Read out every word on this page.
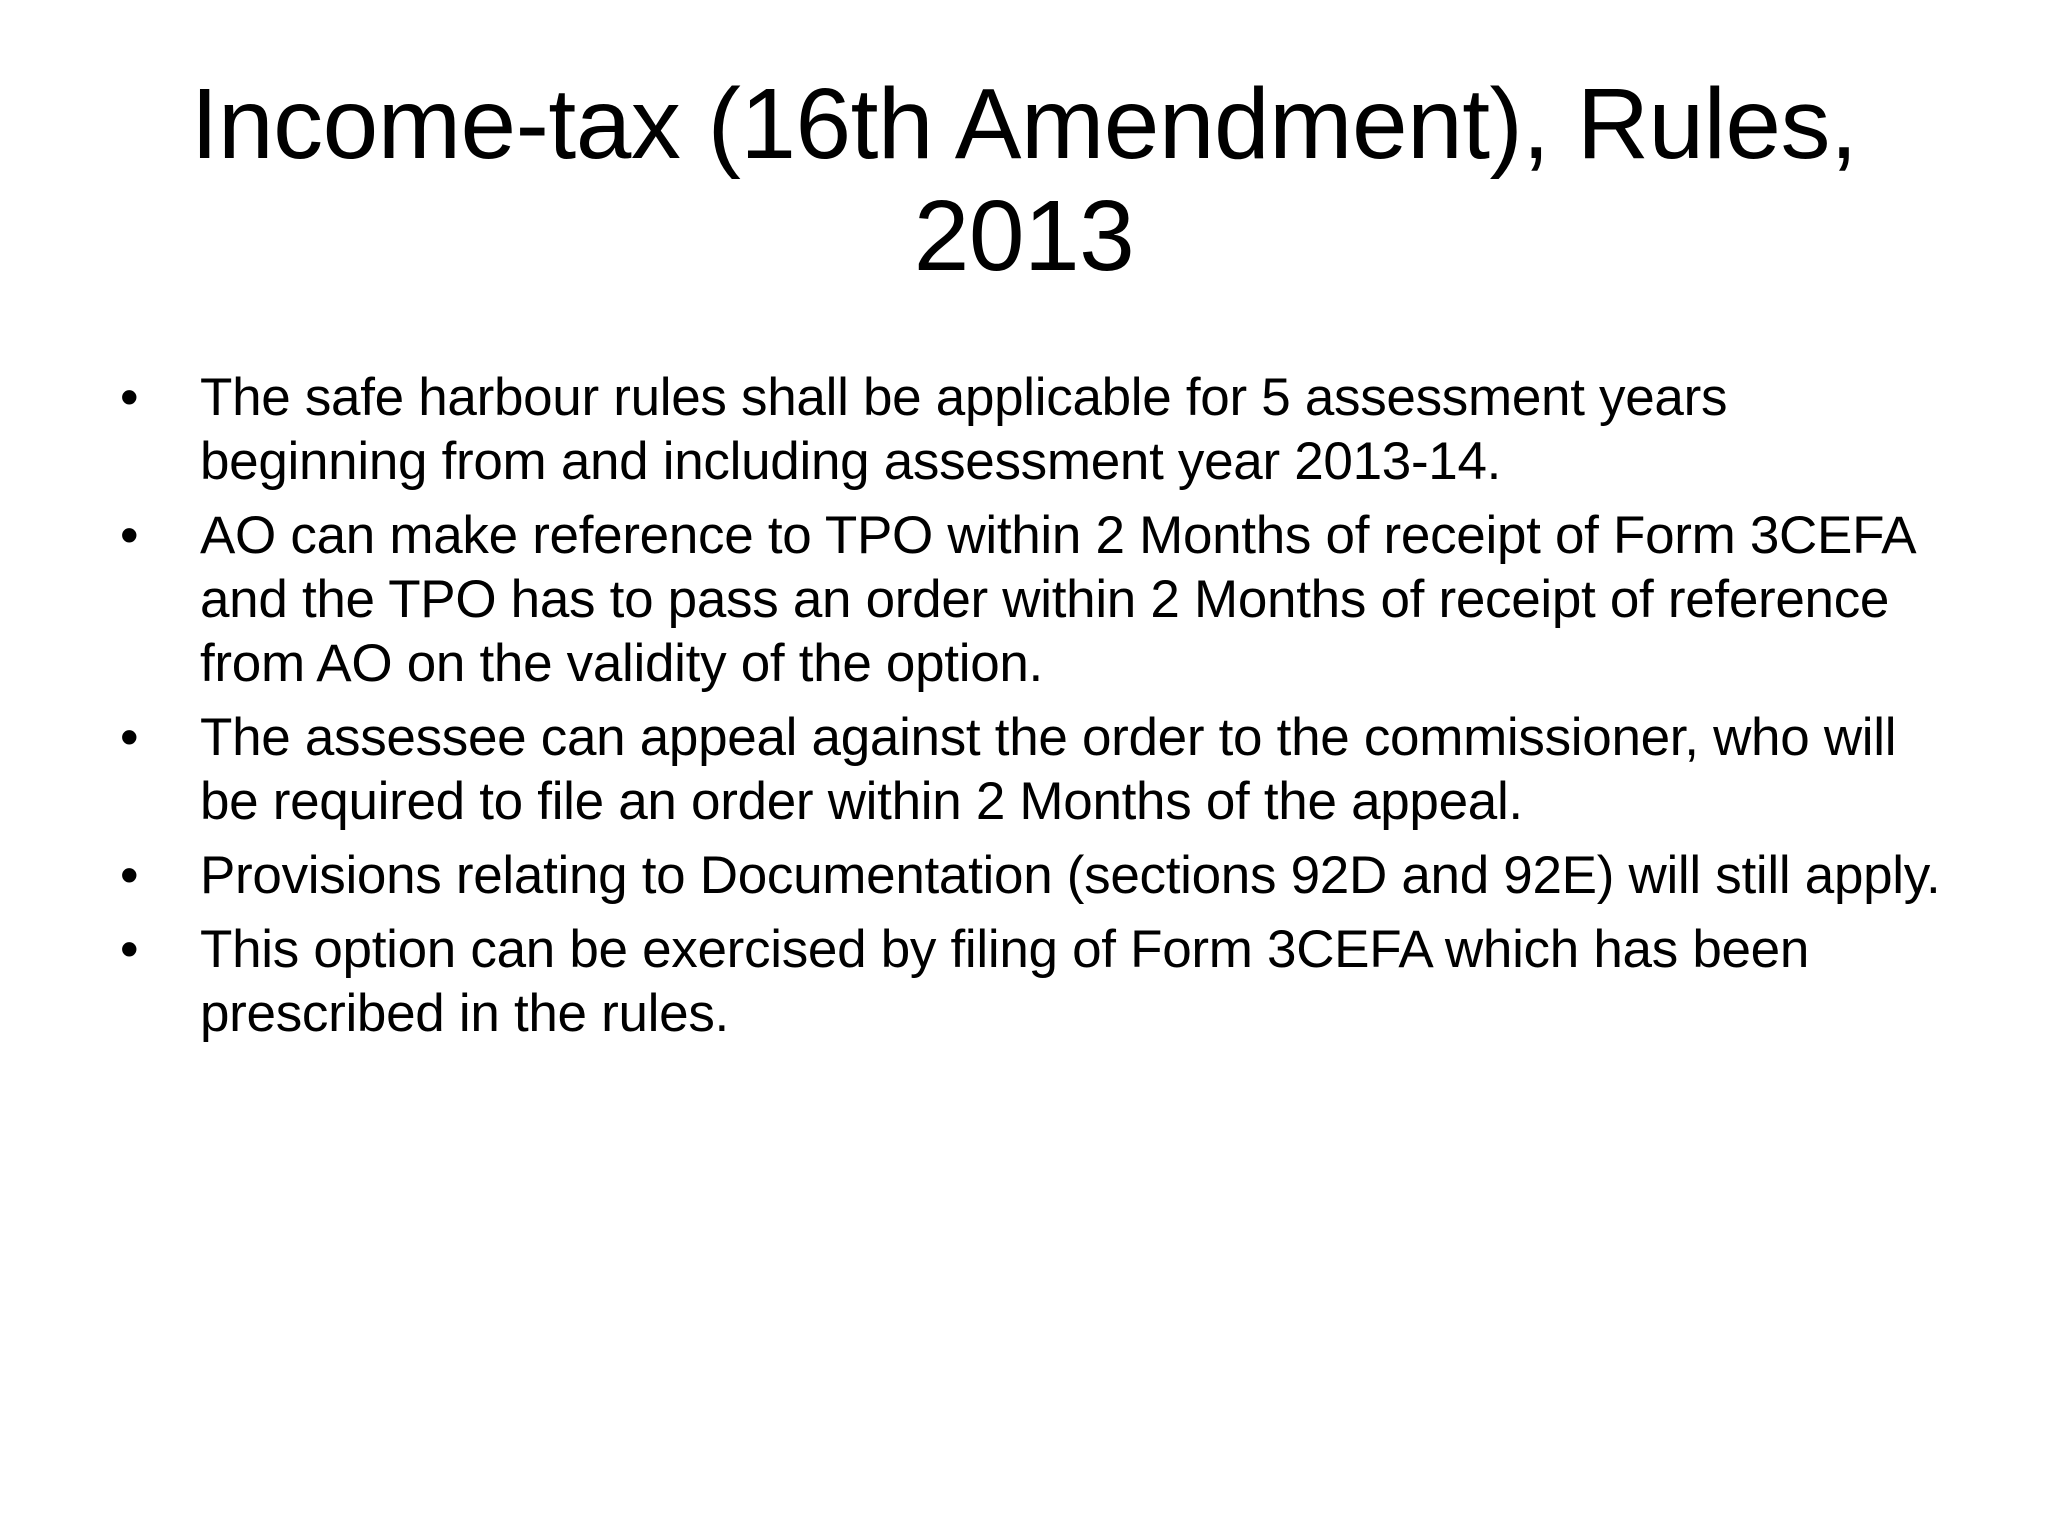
Income-tax (16th Amendment), Rules, 2013
•	The safe harbour rules shall be applicable for 5 assessment years beginning from and including assessment year 2013-14.
•	AO can make reference to TPO within 2 Months of receipt of Form 3CEFA and the TPO has to pass an order within 2 Months of receipt of reference from AO on the validity of the option.
•	The assessee can appeal against the order to the commissioner, who will be required to file an order within 2 Months of the appeal.
•	Provisions relating to Documentation (sections 92D and 92E) will still apply.
•	This option can be exercised by filing of Form 3CEFA which has been prescribed in the rules.
